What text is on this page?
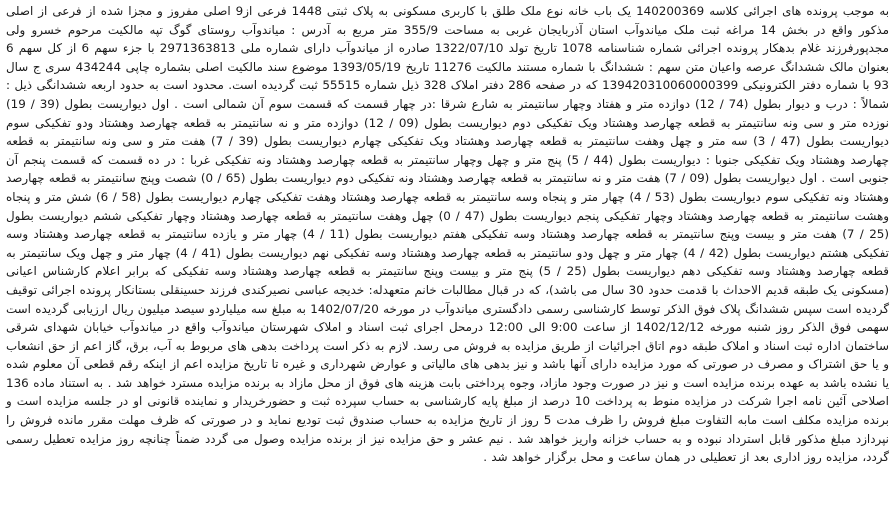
به موجب پرونده های اجرائی کلاسه 140200369 یک باب خانه نوع ملک طلق با کاربری مسکونی به پلاک ثبتی 1448 فرعی از9 اصلی مفروز و مجزا شده از فرعی از اصلی مذکور واقع در بخش 14 مراغه ثبت ملک میاندوآب استان آذربایجان غربی به مساحت 355/9 متر مربع به آدرس : میاندوآب روستای گوگ تپه مالکیت مرحوم خسرو ولی مجدپورفرزند غلام بدهکار پرونده اجرائی شماره شناسنامه 1078 تاریخ تولد 1322/07/10 صادره از میاندوآب دارای شماره ملی 2971363813 با جزء سهم 6 از کل سهم 6 بعنوان مالک ششدانگ عرصه واعیان متن سهم : ششدانگ با شماره مستند مالکیت 11276 تاریخ 1393/05/19 موضوع سند مالکیت اصلی بشماره چاپی 434244 سری ج سال 93 با شماره دفتر الکترونیکی 139420310060000399 که در صفحه 286 دفتر املاک 328 ذیل شماره 55515 ثبت گردیده است. محدود است به حدود اربعه ششدانگی ذیل : شمالاً : درب و دیوار بطول (74 / 12) دوازده متر و هفتاد وچهار سانتیمتر به شارع شرقا :در چهار قسمت که قسمت سوم آن شمالی است . اول دیواریست بطول (39 / 19) نوزده متر و سی ونه سانتیمتر به قطعه چهارصد وهشتاد ویک تفکیکی دوم دیواریست بطول (09 / 12) دوازده متر و نه سانتیمتر به قطعه چهارصد وهشتاد ودو تفکیکی سوم دیواریست بطول (47 / 3) سه متر و چهل وهفت سانتیمتر به قطعه چهارصد وهشتاد ویک تفکیکی چهارم دیواریست بطول (39 / 7) هفت متر و سی ونه سانتیمتر به قطعه چهارصد وهشتاد ویک تفکیکی جنوبا : دیواریست بطول (44 / 5) پنج متر و چهل وچهار سانتیمتر به قطعه چهارصد وهشتاد ونه تفکیکی غربا : در ده قسمت که قسمت پنجم آن جنوبی است . اول دیواریست بطول (09 / 7) هفت متر و نه سانتیمتر به قطعه چهارصد وهشتاد ونه تفکیکی دوم دیواریست بطول (65 / 0) شصت وپنج سانتیمتر به قطعه چهارصد وهشتاد ونه تفکیکی سوم دیواریست بطول (53 / 4) چهار متر و پنجاه وسه سانتیمتر به قطعه چهارصد وهشتاد وهفت تفکیکی چهارم دیواریست بطول (58 / 6) شش متر و پنجاه وهشت سانتیمتر به قطعه چهارصد وهشتاد وچهار تفکیکی پنجم دیواریست بطول (47 / 0) چهل وهفت سانتیمتر به قطعه چهارصد وهشتاد وچهار تفکیکی ششم دیواریست بطول (25 / 7) هفت متر و بیست وپنج سانتیمتر به قطعه چهارصد وهشتاد وسه تفکیکی هفتم دیواریست بطول (11 / 4) چهار متر و یازده سانتیمتر به قطعه چهارصد وهشتاد وسه تفکیکی هشتم دیواریست بطول (42 / 4) چهار متر و چهل ودو سانتیمتر به قطعه چهارصد وهشتاد وسه تفکیکی نهم دیواریست بطول (41 / 4) چهار متر و چهل ویک سانتیمتر به قطعه چهارصد وهشتاد وسه تفکیکی دهم دیواریست بطول (25 / 5) پنج متر و بیست وپنج سانتیمتر به قطعه چهارصد وهشتاد وسه تفکیکی که برابر اعلام کارشناس اعیانی (مسکونی یک طبقه قدیم الاحداث با قدمت حدود 30 سال می باشد)، که در قبال مطالبات خانم متعهدله: خدیجه عباسی نصیرکندی فرزند حسینقلی بستانکار پرونده اجرائی توقیف گردیده است سپس ششدانگ پلاک فوق الذکر توسط کارشناسی رسمی دادگستری میاندوآب در مورخه 1402/07/20 به مبلغ سه میلیاردو سیصد میلیون ریال ارزیابی گردیده است سهمی فوق الذکر روز شنبه مورخه 1402/12/12 از ساعت 9:00 الی 12:00 درمحل اجرای ثبت اسناد و املاک شهرستان میاندوآب واقع در میاندوآب خیابان شهدای شرقی ساختمان اداره ثبت اسناد و املاک طبقه دوم اتاق اجرائیات از طریق مزایده به فروش می رسد. لازم به ذکر است پرداخت بدهی های مربوط به آب، برق، گاز اعم از حق انشعاب و یا حق اشتراک و مصرف در صورتی که مورد مزایده دارای آنها باشد و نیز بدهی های مالیاتی و عوارض شهرداری و غیره تا تاریخ مزایده اعم از اینکه رقم قطعی آن معلوم شده یا نشده باشد به عهده برنده مزایده است و نیز در صورت وجود مازاد، وجوه پرداختی بابت هزینه های فوق از محل مازاد به برنده مزایده مسترد خواهد شد . به استناد ماده 136 اصلاحی آئین نامه اجرا شرکت در مزایده منوط به پرداخت 10 درصد از مبلغ پایه کارشناسی به حساب سپرده ثبت و حضورخریدار و نماینده قانونی او در جلسه مزایده است و برنده مزایده مکلف است مابه التفاوت مبلغ فروش را ظرف مدت 5 روز از تاریخ مزایده به حساب صندوق ثبت تودیع نماید و در صورتی که ظرف مهلت مقرر مانده فروش را نپردازد مبلغ مذکور قابل استرداد نبوده و به حساب خزانه واریز خواهد شد . نیم عشر و حق مزایده نیز از برنده مزایده وصول می گردد ضمناً چنانچه روز مزایده تعطیل رسمی گردد، مزایده روز اداری بعد از تعطیلی در همان ساعت و محل برگزار خواهد شد .
